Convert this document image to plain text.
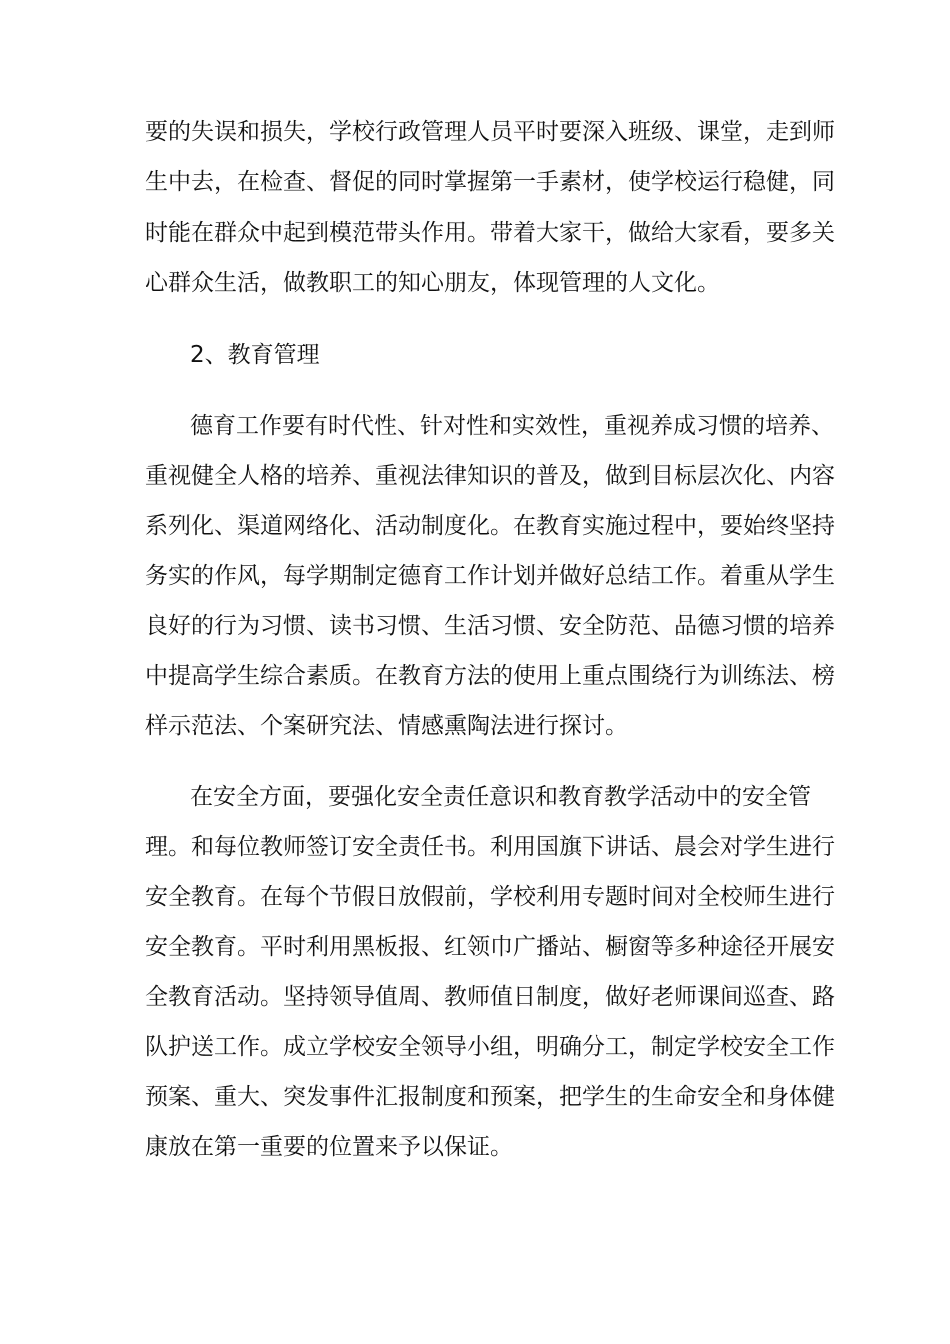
要的失误和损失，学校行政管理人员平时要深入班级、课堂，走到师
生中去，在检查、督促的同时掌握第一手素材，使学校运行稳健，同
时能在群众中起到模范带头作用。带着大家干，做给大家看，要多关
心群众生活，做教职工的知心朋友，体现管理的人文化。
2、教育管理
德育工作要有时代性、针对性和实效性，重视养成习惯的培养、
重视健全人格的培养、重视法律知识的普及，做到目标层次化、内容
系列化、渠道网络化、活动制度化。在教育实施过程中，要始终坚持
务实的作风，每学期制定德育工作计划并做好总结工作。着重从学生
良好的行为习惯、读书习惯、生活习惯、安全防范、品德习惯的培养
中提高学生综合素质。在教育方法的使用上重点围绕行为训练法、榜
样示范法、个案研究法、情感熏陶法进行探讨。
在安全方面，要强化安全责任意识和教育教学活动中的安全管
理。和每位教师签订安全责任书。利用国旗下讲话、晨会对学生进行
安全教育。在每个节假日放假前，学校利用专题时间对全校师生进行
安全教育。平时利用黑板报、红领巾广播站、橱窗等多种途径开展安
全教育活动。坚持领导值周、教师值日制度，做好老师课间巡查、路
队护送工作。成立学校安全领导小组，明确分工，制定学校安全工作
预案、重大、突发事件汇报制度和预案，把学生的生命安全和身体健
康放在第一重要的位置来予以保证。
